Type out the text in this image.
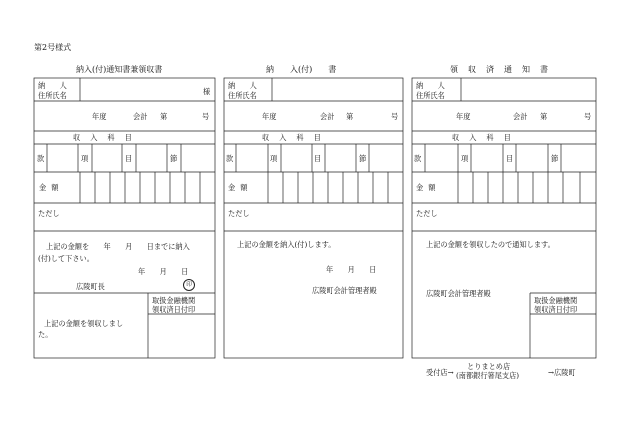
第2号様式
納入(付)通知書兼領収書
納　　人
住所氏名	様
年度	会計 第	号
収入科目
款	項	目	節
金額
ただし
上記の金額を　　年　　月　　日までに納入
(付)して下さい。
年　　月　　日
広陵町長	印
取扱金融機関
領収済日付印
上記の金額を領収しまし
た。
納　　入(付)　　書
納　　人
住所氏名
年度	会計 第	号
収入科目
款	項	目	節
金額
ただし
上記の金額を納入(付)します。
年　　月　　日
広陵町会計管理者殿
領収済通知書
納　　人
住所氏名
年度	会計 第	号
収入科目
款	項	目	節
金額
ただし
上記の金額を領収したので通知します。
広陵町会計管理者殿
取扱金融機関
領収済日付印
受付店→
とりまとめ店
(南都銀行箸尾支店)	→広陵町
